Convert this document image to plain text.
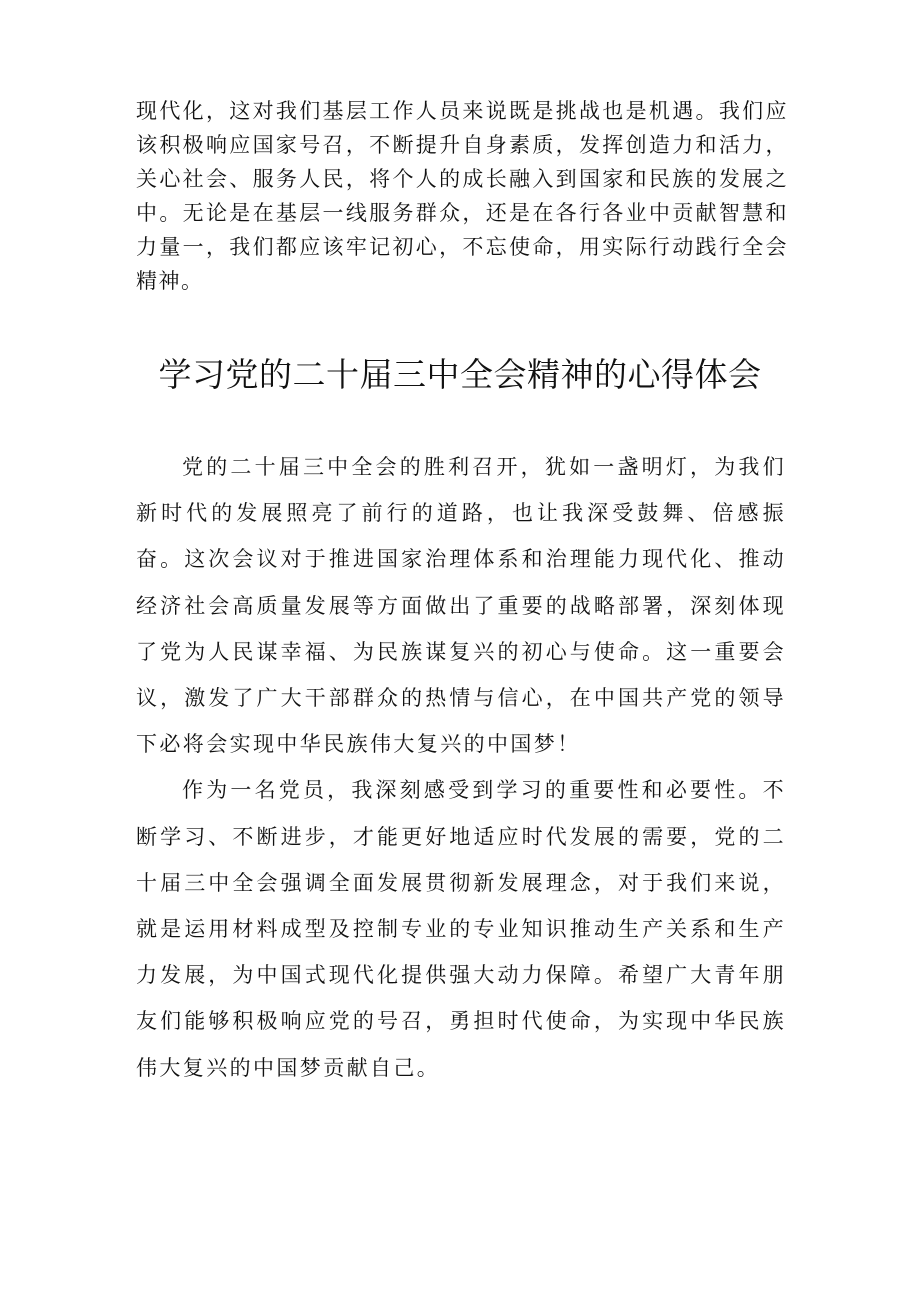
现代化，这对我们基层工作人员来说既是挑战也是机遇。我们应该积极响应国家号召，不断提升自身素质，发挥创造力和活力，关心社会、服务人民，将个人的成长融入到国家和民族的发展之中。无论是在基层一线服务群众，还是在各行各业中贡献智慧和力量一，我们都应该牢记初心，不忘使命，用实际行动践行全会精神。

学习党的二十届三中全会精神的心得体会

党的二十届三中全会的胜利召开，犹如一盏明灯，为我们新时代的发展照亮了前行的道路，也让我深受鼓舞、倍感振奋。这次会议对于推进国家治理体系和治理能力现代化、推动经济社会高质量发展等方面做出了重要的战略部署，深刻体现了党为人民谋幸福、为民族谋复兴的初心与使命。这一重要会议，激发了广大干部群众的热情与信心，在中国共产党的领导下必将会实现中华民族伟大复兴的中国梦！

作为一名党员，我深刻感受到学习的重要性和必要性。不断学习、不断进步，才能更好地适应时代发展的需要，党的二十届三中全会强调全面发展贯彻新发展理念，对于我们来说，就是运用材料成型及控制专业的专业知识推动生产关系和生产力发展，为中国式现代化提供强大动力保障。希望广大青年朋友们能够积极响应党的号召，勇担时代使命，为实现中华民族伟大复兴的中国梦贡献自己。
